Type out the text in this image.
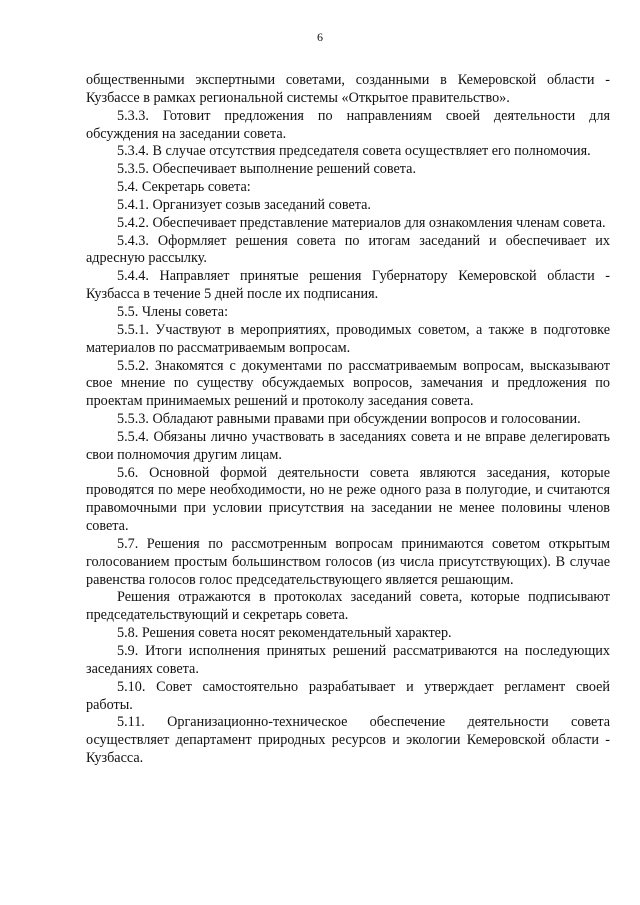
6

общественными экспертными советами, созданными в Кемеровской области - Кузбассе в рамках региональной системы «Открытое правительство».

5.3.3. Готовит предложения по направлениям своей деятельности для обсуждения на заседании совета.

5.3.4. В случае отсутствия председателя совета осуществляет его полномочия.

5.3.5. Обеспечивает выполнение решений совета.

5.4. Секретарь совета:

5.4.1. Организует созыв заседаний совета.

5.4.2. Обеспечивает представление материалов для ознакомления членам совета.

5.4.3. Оформляет решения совета по итогам заседаний и обеспечивает их адресную рассылку.

5.4.4. Направляет принятые решения Губернатору Кемеровской области - Кузбасса в течение 5 дней после их подписания.

5.5. Члены совета:

5.5.1. Участвуют в мероприятиях, проводимых советом, а также в подготовке материалов по рассматриваемым вопросам.

5.5.2. Знакомятся с документами по рассматриваемым вопросам, высказывают свое мнение по существу обсуждаемых вопросов, замечания и предложения по проектам принимаемых решений и протоколу заседания совета.

5.5.3. Обладают равными правами при обсуждении вопросов и голосовании.

5.5.4. Обязаны лично участвовать в заседаниях совета и не вправе делегировать свои полномочия другим лицам.

5.6. Основной формой деятельности совета являются заседания, которые проводятся по мере необходимости, но не реже одного раза в полугодие, и считаются правомочными при условии присутствия на заседании не менее половины членов совета.

5.7. Решения по рассмотренным вопросам принимаются советом открытым голосованием простым большинством голосов (из числа присутствующих). В случае равенства голосов голос председательствующего является решающим.

Решения отражаются в протоколах заседаний совета, которые подписывают председательствующий и секретарь совета.

5.8. Решения совета носят рекомендательный характер.

5.9. Итоги исполнения принятых решений рассматриваются на последующих заседаниях совета.

5.10. Совет самостоятельно разрабатывает и утверждает регламент своей работы.

5.11. Организационно-техническое обеспечение деятельности совета осуществляет департамент природных ресурсов и экологии Кемеровской области - Кузбасса.
